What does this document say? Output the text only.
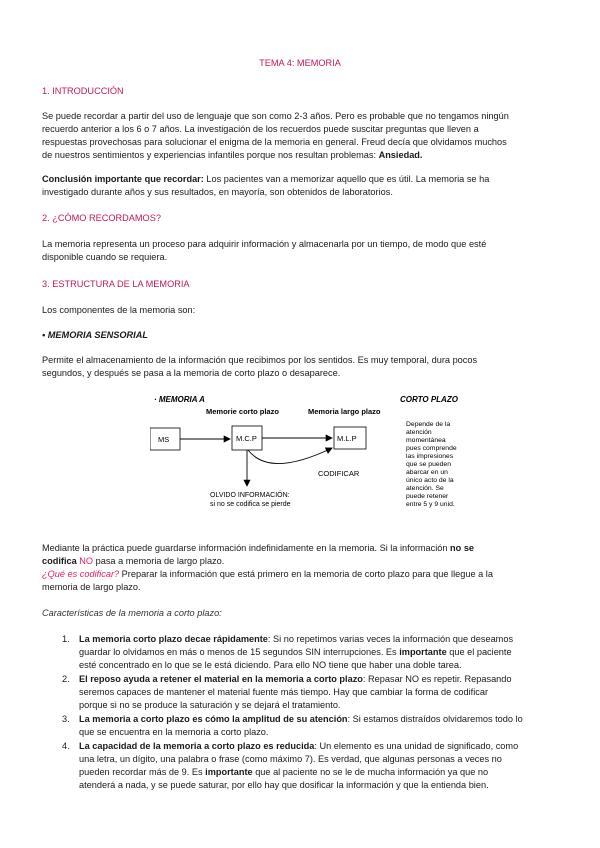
TEMA 4: MEMORIA
1. INTRODUCCIÓN
Se puede recordar a partir del uso de lenguaje que son como 2-3 años. Pero es probable que no tengamos ningún
recuerdo anterior a los 6 o 7 años. La investigación de los recuerdos puede suscitar preguntas que lleven a
respuestas provechosas para solucionar el enigma de la memoria en general. Freud decía que olvidamos muchos
de nuestros sentimientos y experiencias infantiles porque nos resultan problemas: Ansiedad.
Conclusión importante que recordar: Los pacientes van a memorizar aquello que es útil. La memoria se ha
investigado durante años y sus resultados, en mayoría, son obtenidos de laboratorios.
2. ¿CÓMO RECORDAMOS?
La memoria representa un proceso para adquirir información y almacenarla por un tiempo, de modo que esté
disponible cuando se requiera.
3. ESTRUCTURA DE LA MEMORIA
Los componentes de la memoria son:
• MEMORIA SENSORIAL
Permite el almacenamiento de la información que recibimos por los sentidos. Es muy temporal, dura pocos
segundos, y después se pasa a la memoria de corto plazo o desaparece.
· MEMORIA A	CORTO PLAZO
Memorie corto plazo	Memoria largo plazo
MS	M.C.P	M.L.P
CODIFICAR
OLVIDO INFORMACIÓN:
si no se codifica se pierde
Depende de la
atención
momentánea
pues comprende
las impresiones
que se pueden
abarcar en un
único acto de la
atención. Se
puede retener
entre 5 y 9 unid.
Mediante la práctica puede guardarse información indefinidamente en la memoria. Si la información no se
codifica NO pasa a memoria de largo plazo.
¿Qué es codificar? Preparar la información que está primero en la memoria de corto plazo para que llegue a la
memoria de largo plazo.
Características de la memoria a corto plazo:
1. La memoria corto plazo decae rápidamente: Si no repetimos varias veces la información que deseamos
guardar lo olvidamos en más o menos de 15 segundos SIN interrupciones. Es importante que el paciente
esté concentrado en lo que se le está diciendo. Para ello NO tiene que haber una doble tarea.
2. El reposo ayuda a retener el material en la memoria a corto plazo: Repasar NO es repetir. Repasando
seremos capaces de mantener el material fuente más tiempo. Hay que cambiar la forma de codificar
porque si no se produce la saturación y se dejará el tratamiento.
3. La memoria a corto plazo es cómo la amplitud de su atención: Si estamos distraídos olvidaremos todo lo
que se encuentra en la memoria a corto plazo.
4. La capacidad de la memoria a corto plazo es reducida: Un elemento es una unidad de significado, como
una letra, un dígito, una palabra o frase (como máximo 7). Es verdad, que algunas personas a veces no
pueden recordar más de 9. Es importante que al paciente no se le de mucha información ya que no
atenderá a nada, y se puede saturar, por ello hay que dosificar la información y que la entienda bien.
